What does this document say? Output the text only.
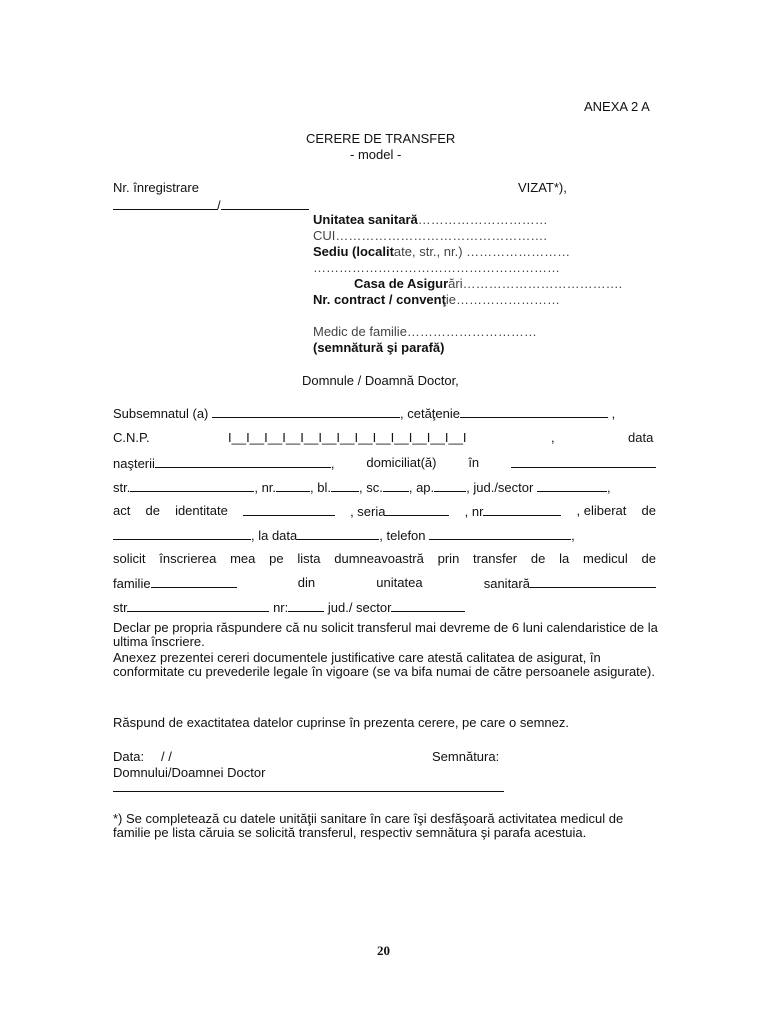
ANEXA 2 A
CERERE DE TRANSFER
- model -
Nr. înregistrare
/
VIZAT*),
Unitatea sanitară…………………………
CUI………………………………………….
Sediu (localitate, str., nr.) ……………………
…………………………………………………
Casa de Asigurări……………………………….
Nr. contract / convenţie……………………
Medic de familie…………………………
(semnătură şi parafă)
Domnule / Doamnă Doctor,
Subsemnatul (a)	, cetăţenie	,
C.N.P.	I__I__I__I__I__I__I__I__I__I__I__I__I__I	,	data
naşterii	, domiciliat(ă) în
str.	, nr.	, bl. , sc. , ap. , jud./sector	,
act de identitate	, seria	, nr	, eliberat de
, la data	, telefon	,
solicit înscrierea mea pe lista dumneavoastră prin transfer de la medicul de
familie	din	unitatea	sanitară
str	nr:	jud./ sector
Declar pe propria răspundere că nu solicit transferul mai devreme de 6 luni calendaristice de la ultima înscriere.
Anexez prezentei cereri documentele justificative care atestă calitatea de asigurat, în conformitate cu prevederile legale în vigoare (se va bifa numai de către persoanele asigurate).
Răspund de exactitatea datelor cuprinse în prezenta cerere, pe care o semnez.
Data: / /	Semnătura:
Domnului/Doamnei Doctor
*) Se completează cu datele unităţii sanitare în care îşi desfăşoară activitatea medicul de familie pe lista căruia se solicită transferul, respectiv semnătura şi parafa acestuia.
20
